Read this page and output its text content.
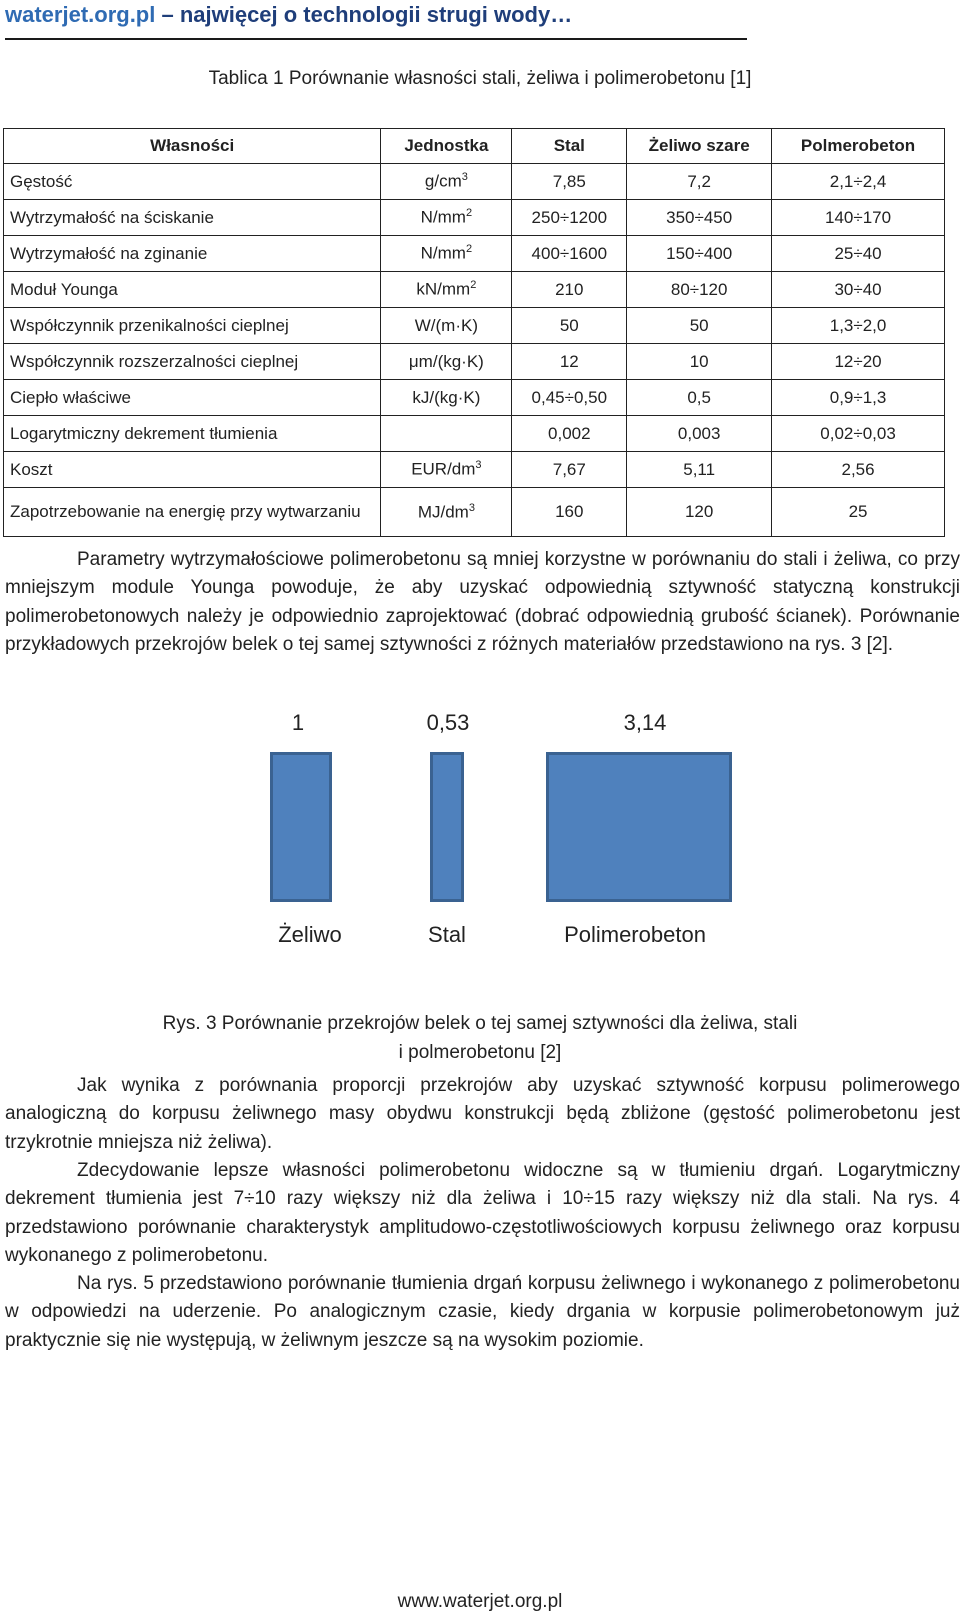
waterjet.org.pl – najwięcej o technologii strugi wody…
Tablica 1 Porównanie własności stali, żeliwa i polimerobetonu [1]
Własności	Jednostka	Stal	Żeliwo szare	Polmerobeton
Gęstość	$g/cm^3$	7,85	7,2	2,1÷2,4
Wytrzymałość na ściskanie	$N/mm^2$	250÷1200	350÷450	140÷170
Wytrzymałość na zginanie	$N/mm^2$	400÷1600	150÷400	25÷40
Moduł Younga	$kN/mm^2$	210	80÷120	30÷40
Współczynnik przenikalności cieplnej	W/(m·K)	50	50	1,3÷2,0
Współczynnik rozszerzalności cieplnej	μm/(kg·K)	12	10	12÷20
Ciepło właściwe	kJ/(kg·K)	0,45÷0,50	0,5	0,9÷1,3
Logarytmiczny dekrement tłumienia		0,002	0,003	0,02÷0,03
Koszt	EUR/$dm^3$	7,67	5,11	2,56
Zapotrzebowanie na energię przy wytwarzaniu	$MJ/dm^3$	160	120	25
Parametry wytrzymałościowe polimerobetonu są mniej korzystne w porównaniu do stali i żeliwa, co przy mniejszym module Younga powoduje, że aby uzyskać odpowiednią sztywność statyczną konstrukcji polimerobetonowych należy je odpowiednio zaprojektować (dobrać odpowiednią grubość ścianek). Porównanie przykładowych przekrojów belek o tej samej sztywności z różnych materiałów przedstawiono na rys. 3 [2].
1	0,53	3,14
Żeliwo	Stal	Polimerobeton
Rys. 3 Porównanie przekrojów belek o tej samej sztywności dla żeliwa, stali
i polmerobetonu [2]
Jak wynika z porównania proporcji przekrojów aby uzyskać sztywność korpusu polimerowego analogiczną do korpusu żeliwnego masy obydwu konstrukcji będą zbliżone (gęstość polimerobetonu jest trzykrotnie mniejsza niż żeliwa).
Zdecydowanie lepsze własności polimerobetonu widoczne są w tłumieniu drgań. Logarytmiczny dekrement tłumienia jest 7÷10 razy większy niż dla żeliwa i 10÷15 razy większy niż dla stali. Na rys. 4 przedstawiono porównanie charakterystyk amplitudowo-częstotliwościowych korpusu żeliwnego oraz korpusu wykonanego z polimerobetonu.
Na rys. 5 przedstawiono porównanie tłumienia drgań korpusu żeliwnego i wykonanego z polimerobetonu w odpowiedzi na uderzenie. Po analogicznym czasie, kiedy drgania w korpusie polimerobetonowym już praktycznie się nie występują, w żeliwnym jeszcze są na wysokim poziomie.
www.waterjet.org.pl
